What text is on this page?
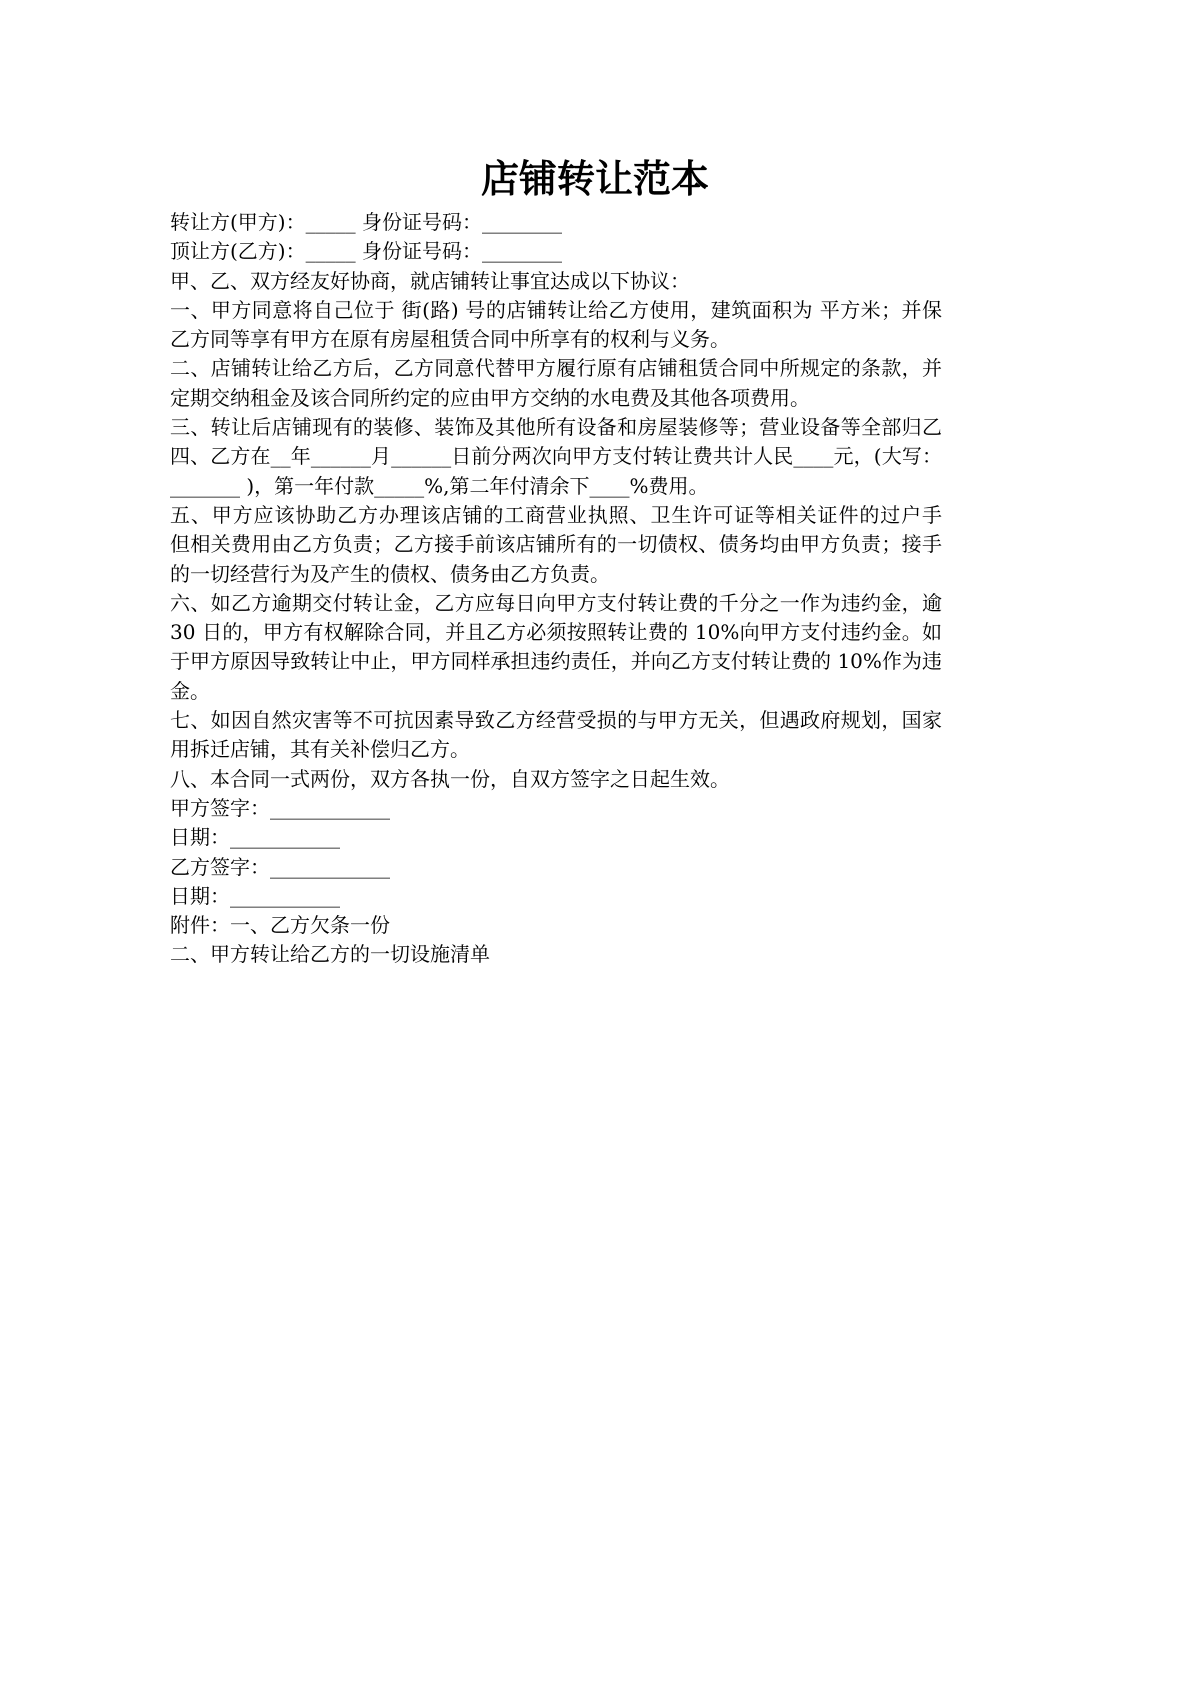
店铺转让范本
转让方(甲方)：_____ 身份证号码：________
顶让方(乙方)：_____ 身份证号码：________
甲、乙、双方经友好协商，就店铺转让事宜达成以下协议：
一、甲方同意将自己位于 街(路) 号的店铺转让给乙方使用，建筑面积为 平方米；并保
乙方同等享有甲方在原有房屋租赁合同中所享有的权利与义务。
二、店铺转让给乙方后，乙方同意代替甲方履行原有店铺租赁合同中所规定的条款，并
定期交纳租金及该合同所约定的应由甲方交纳的水电费及其他各项费用。
三、转让后店铺现有的装修、装饰及其他所有设备和房屋装修等；营业设备等全部归乙
四、乙方在__年______月______日前分两次向甲方支付转让费共计人民____元，(大写：
_______ )，第一年付款_____%,第二年付清余下____%费用。
五、甲方应该协助乙方办理该店铺的工商营业执照、卫生许可证等相关证件的过户手
但相关费用由乙方负责；乙方接手前该店铺所有的一切债权、债务均由甲方负责；接手
的一切经营行为及产生的债权、债务由乙方负责。
六、如乙方逾期交付转让金，乙方应每日向甲方支付转让费的千分之一作为违约金，逾
30 日的，甲方有权解除合同，并且乙方必须按照转让费的 10%向甲方支付违约金。如
于甲方原因导致转让中止，甲方同样承担违约责任，并向乙方支付转让费的 10%作为违
金。
七、如因自然灾害等不可抗因素导致乙方经营受损的与甲方无关，但遇政府规划，国家
用拆迁店铺，其有关补偿归乙方。
八、本合同一式两份，双方各执一份，自双方签字之日起生效。
甲方签字：____________
日期：___________
乙方签字：____________
日期：___________
附件：一、乙方欠条一份
二、甲方转让给乙方的一切设施清单
